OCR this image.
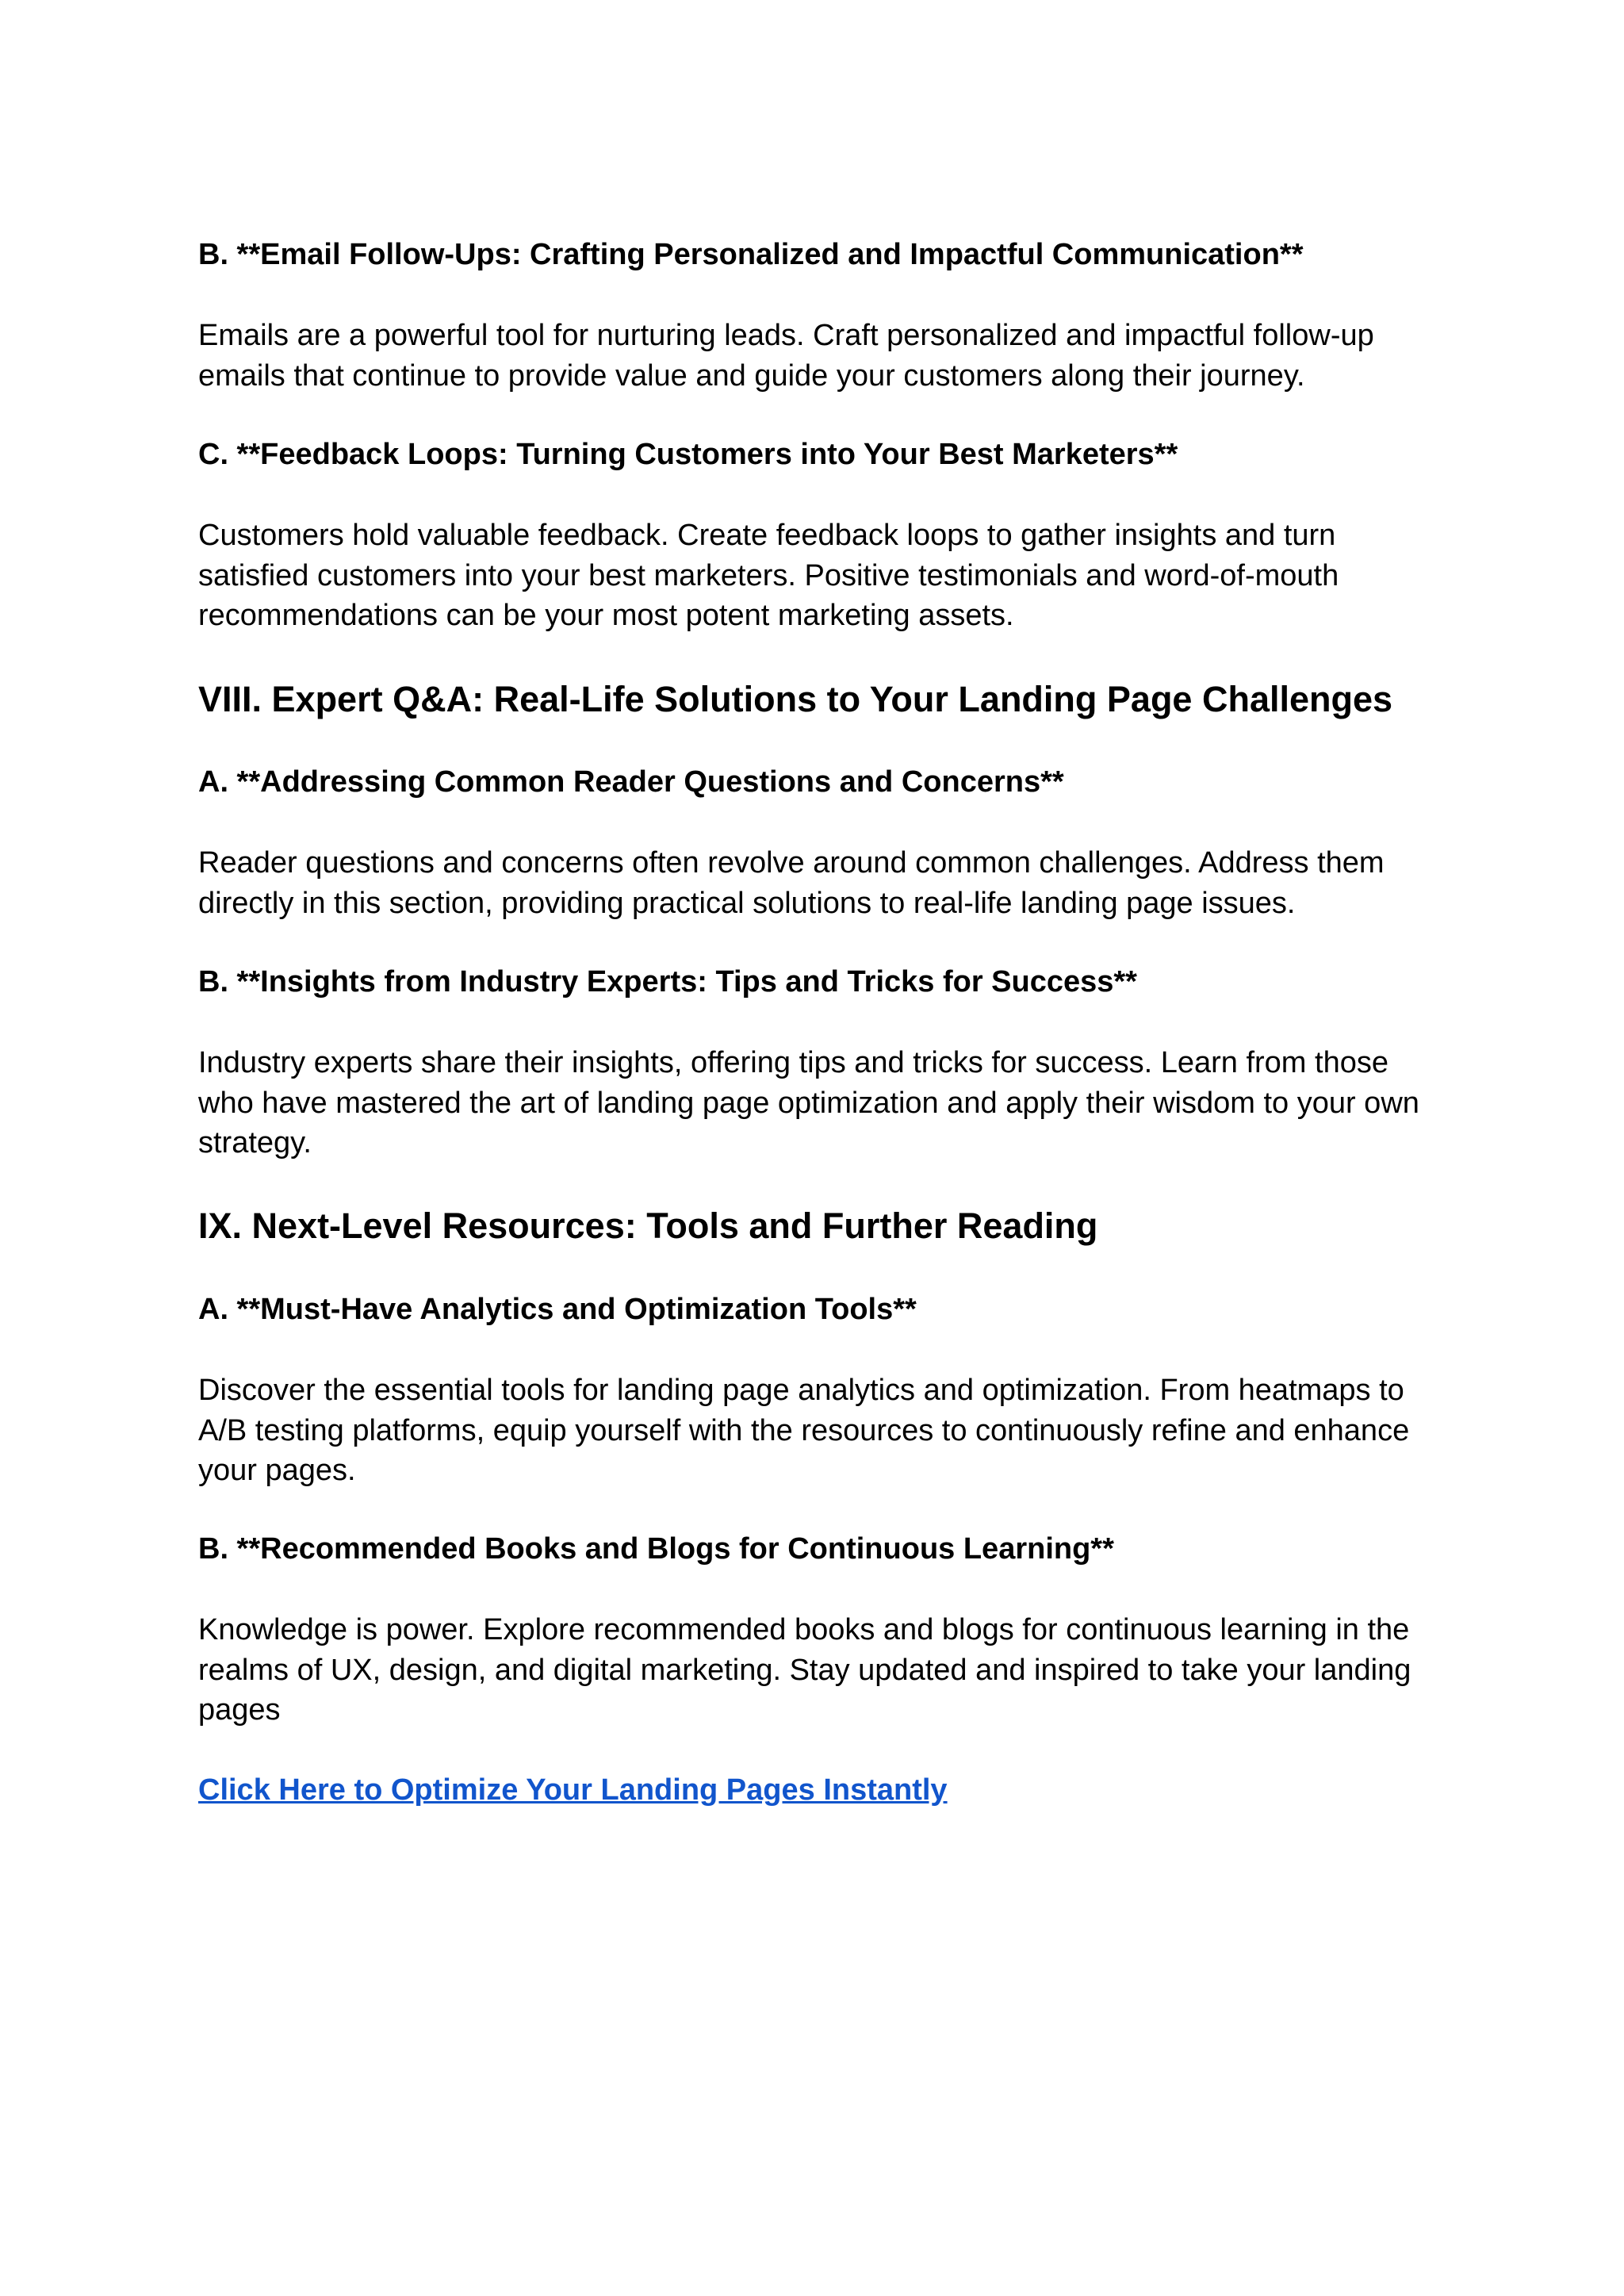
B. **Email Follow-Ups: Crafting Personalized and Impactful Communication**

Emails are a powerful tool for nurturing leads. Craft personalized and impactful follow-up emails that continue to provide value and guide your customers along their journey.

C. **Feedback Loops: Turning Customers into Your Best Marketers**

Customers hold valuable feedback. Create feedback loops to gather insights and turn satisfied customers into your best marketers. Positive testimonials and word-of-mouth recommendations can be your most potent marketing assets.

VIII. Expert Q&A: Real-Life Solutions to Your Landing Page Challenges
A. **Addressing Common Reader Questions and Concerns**

Reader questions and concerns often revolve around common challenges. Address them directly in this section, providing practical solutions to real-life landing page issues.

B. **Insights from Industry Experts: Tips and Tricks for Success**

Industry experts share their insights, offering tips and tricks for success. Learn from those who have mastered the art of landing page optimization and apply their wisdom to your own strategy.

IX. Next-Level Resources: Tools and Further Reading
A. **Must-Have Analytics and Optimization Tools**

Discover the essential tools for landing page analytics and optimization. From heatmaps to A/B testing platforms, equip yourself with the resources to continuously refine and enhance your pages.

B. **Recommended Books and Blogs for Continuous Learning**

Knowledge is power. Explore recommended books and blogs for continuous learning in the realms of UX, design, and digital marketing. Stay updated and inspired to take your landing pages

Click Here to Optimize Your Landing Pages Instantly
